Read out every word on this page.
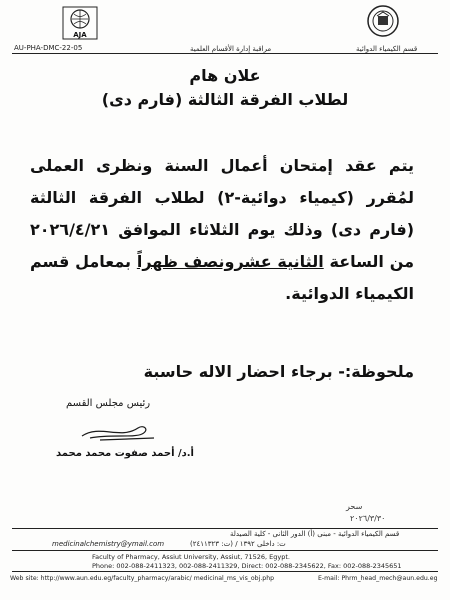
AJA
AU-PHA-DMC-22-05	مراقبة إدارة الأقسام العلمية	قسم الكيمياء الدوائية
علان هام
لطلاب الفرقة الثالثة (فارم دى)
يتم عقد إمتحان أعمال السنة ونظرى العملى لمُقرر (كيمياء دوائية-٢) لطلاب الفرقة الثالثة (فارم دى) وذلك يوم الثلاثاء الموافق ٢٠٢٦/٤/٢١ من الساعة الثانية عشرونصف ظهراً بمعامل قسم الكيمياء الدوائية.
ملحوظة:- برجاء احضار الاله حاسبة
رئيس مجلس القسم
أ.د/ أحمد صفوت محمد محمد
سحر
٢٠٢٦/٣/٣٠
قسم الكيمياء الدوائية - مبنى (أ) الدور الثانى - كلية الصيدلة
medicinalchemistry@ymail.com	ت: داخلى ١٣٩٢ / (ت: ٢٤١١٣٢٣)
Faculty of Pharmacy, Assiut University, Assiut, 71526, Egypt.
Phone: 002-088-2411323, 002-088-2411329, Direct: 002-088-2345622, Fax: 002-088-2345651
Web site: http://www.aun.edu.eg/faculty_pharmacy/arabic/ medicinal_ms_vis_obj.php	E-mail: Phrm_head_mech@aun.edu.eg
